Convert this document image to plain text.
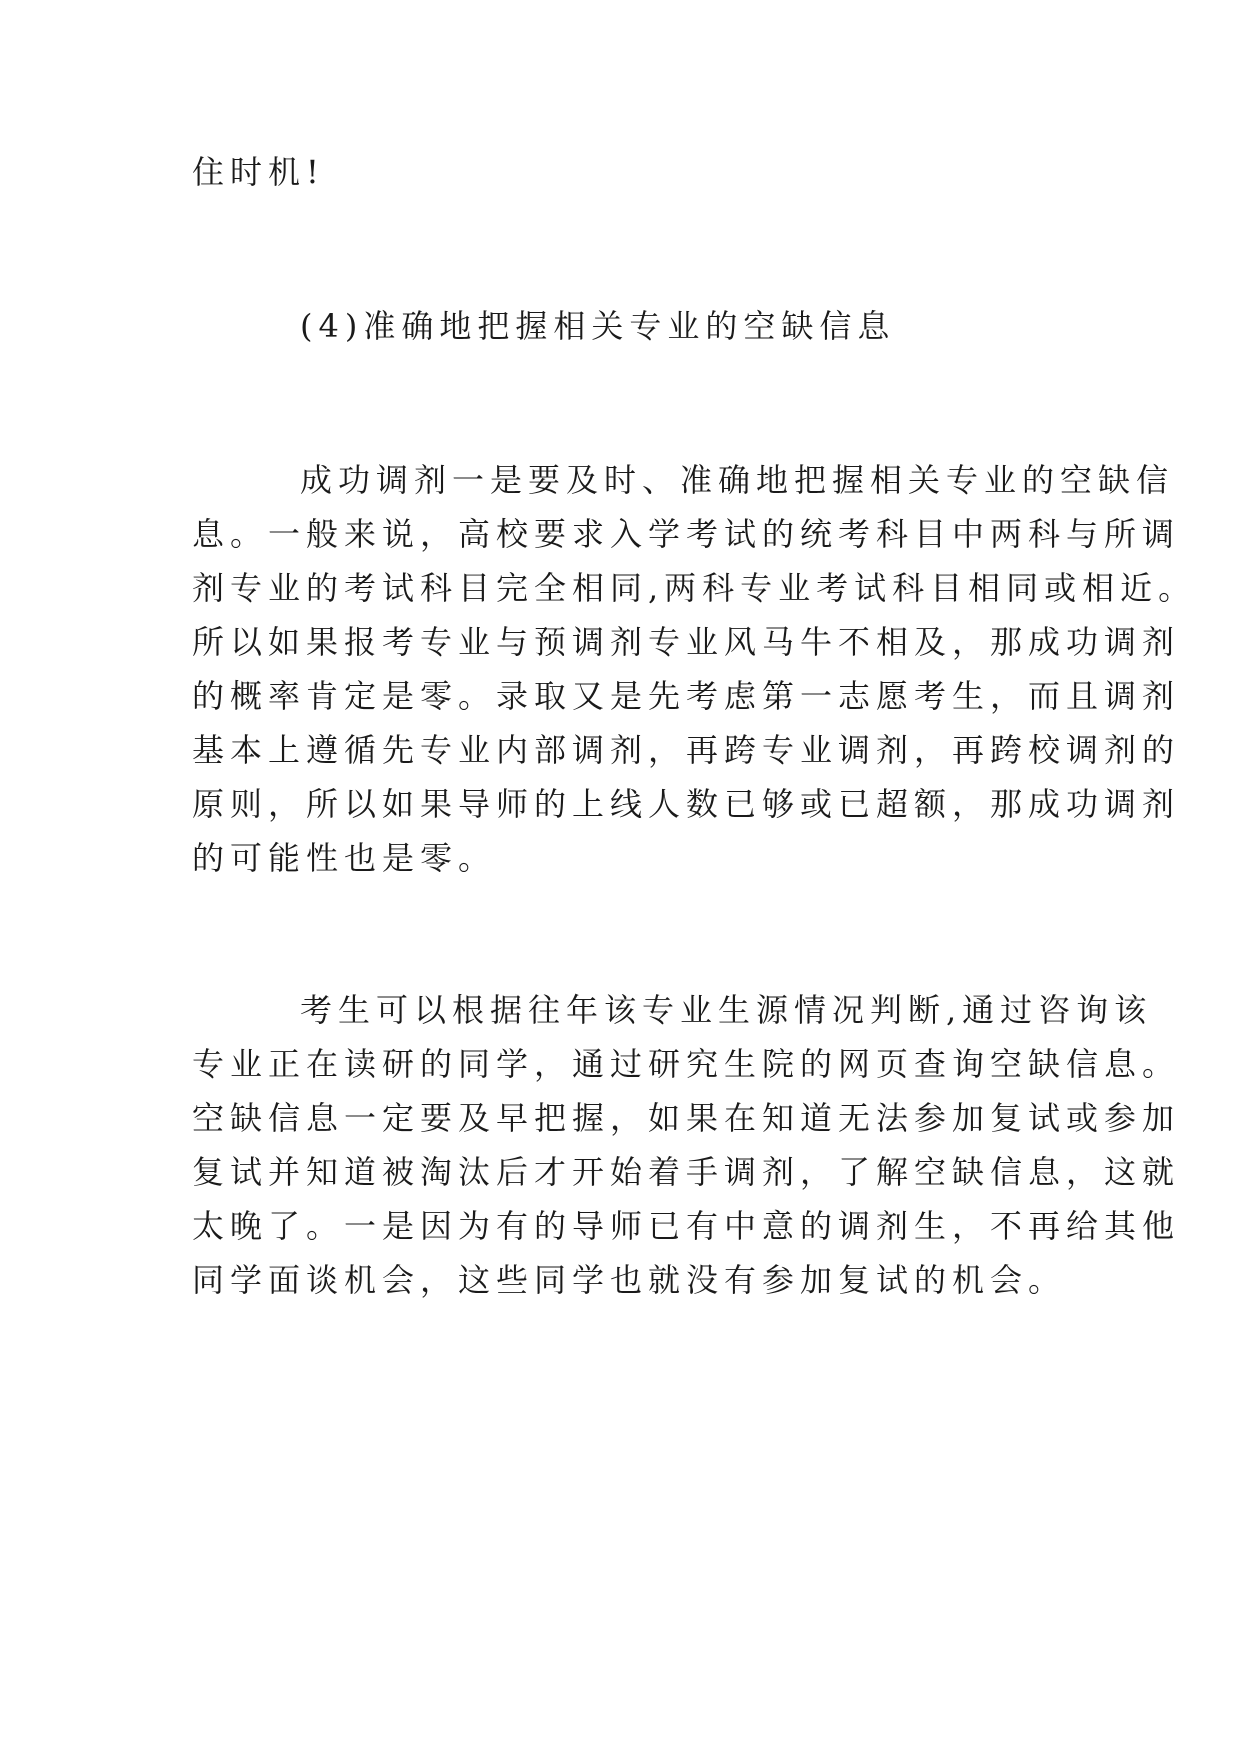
住时机!
(4)准确地把握相关专业的空缺信息
成功调剂一是要及时、准确地把握相关专业的空缺信
息。一般来说，高校要求入学考试的统考科目中两科与所调
剂专业的考试科目完全相同,两科专业考试科目相同或相近。
所以如果报考专业与预调剂专业风马牛不相及，那成功调剂
的概率肯定是零。录取又是先考虑第一志愿考生，而且调剂
基本上遵循先专业内部调剂，再跨专业调剂，再跨校调剂的
原则，所以如果导师的上线人数已够或已超额，那成功调剂
的可能性也是零。
考生可以根据往年该专业生源情况判断,通过咨询该
专业正在读研的同学，通过研究生院的网页查询空缺信息。
空缺信息一定要及早把握，如果在知道无法参加复试或参加
复试并知道被淘汰后才开始着手调剂，了解空缺信息，这就
太晚了。一是因为有的导师已有中意的调剂生，不再给其他
同学面谈机会，这些同学也就没有参加复试的机会。
